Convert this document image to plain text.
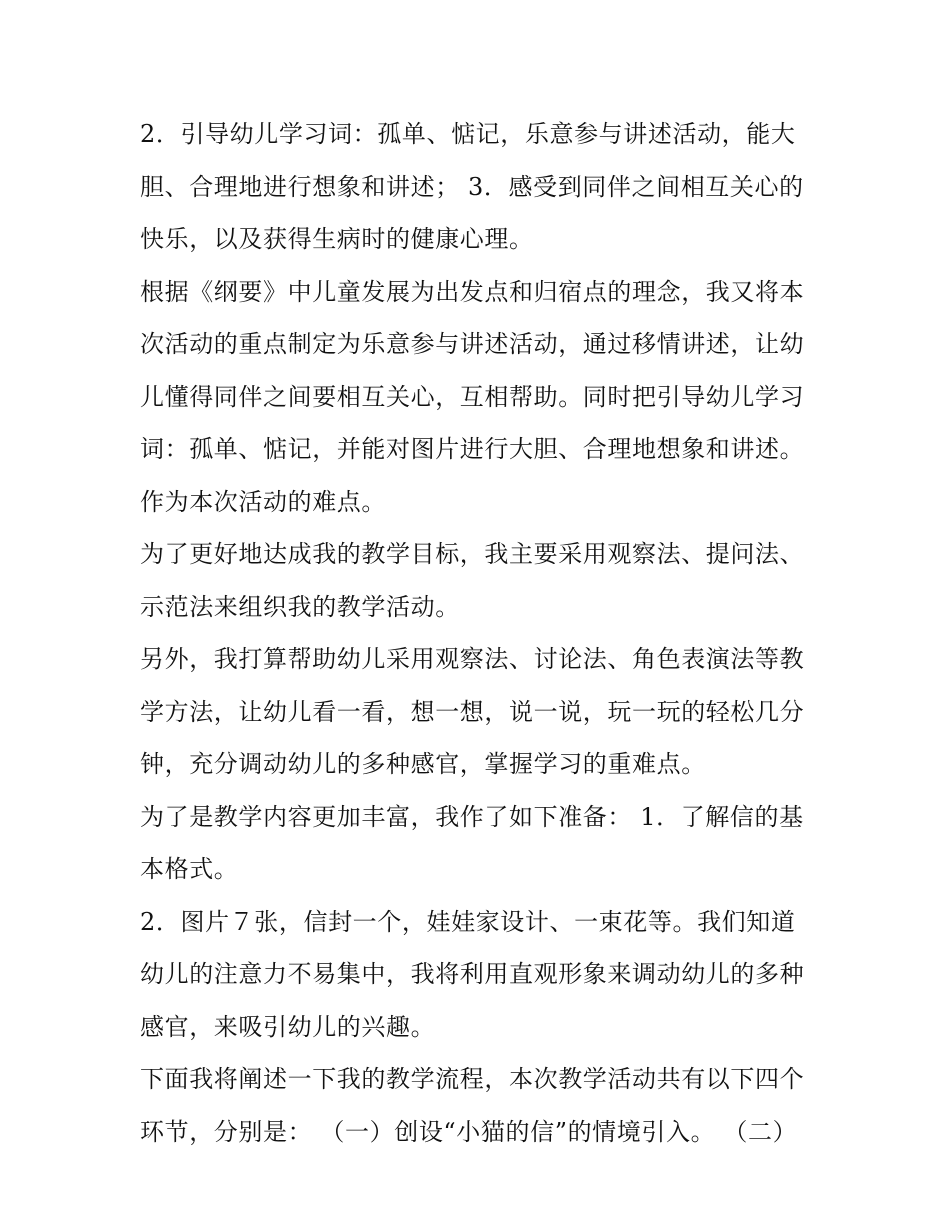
2．引导幼儿学习词：孤单、惦记，乐意参与讲述活动，能大
胆、合理地进行想象和讲述； 3．感受到同伴之间相互关心的
快乐，以及获得生病时的健康心理。
根据《纲要》中儿童发展为出发点和归宿点的理念，我又将本
次活动的重点制定为乐意参与讲述活动，通过移情讲述，让幼
儿懂得同伴之间要相互关心，互相帮助。同时把引导幼儿学习
词：孤单、惦记，并能对图片进行大胆、合理地想象和讲述。
作为本次活动的难点。
为了更好地达成我的教学目标，我主要采用观察法、提问法、
示范法来组织我的教学活动。
另外，我打算帮助幼儿采用观察法、讨论法、角色表演法等教
学方法，让幼儿看一看，想一想，说一说，玩一玩的轻松几分
钟，充分调动幼儿的多种感官，掌握学习的重难点。
为了是教学内容更加丰富，我作了如下准备： 1．了解信的基
本格式。
2．图片７张，信封一个，娃娃家设计、一束花等。我们知道
幼儿的注意力不易集中，我将利用直观形象来调动幼儿的多种
感官，来吸引幼儿的兴趣。
下面我将阐述一下我的教学流程，本次教学活动共有以下四个
环节，分别是： （一）创设“小猫的信”的情境引入。 （二）
